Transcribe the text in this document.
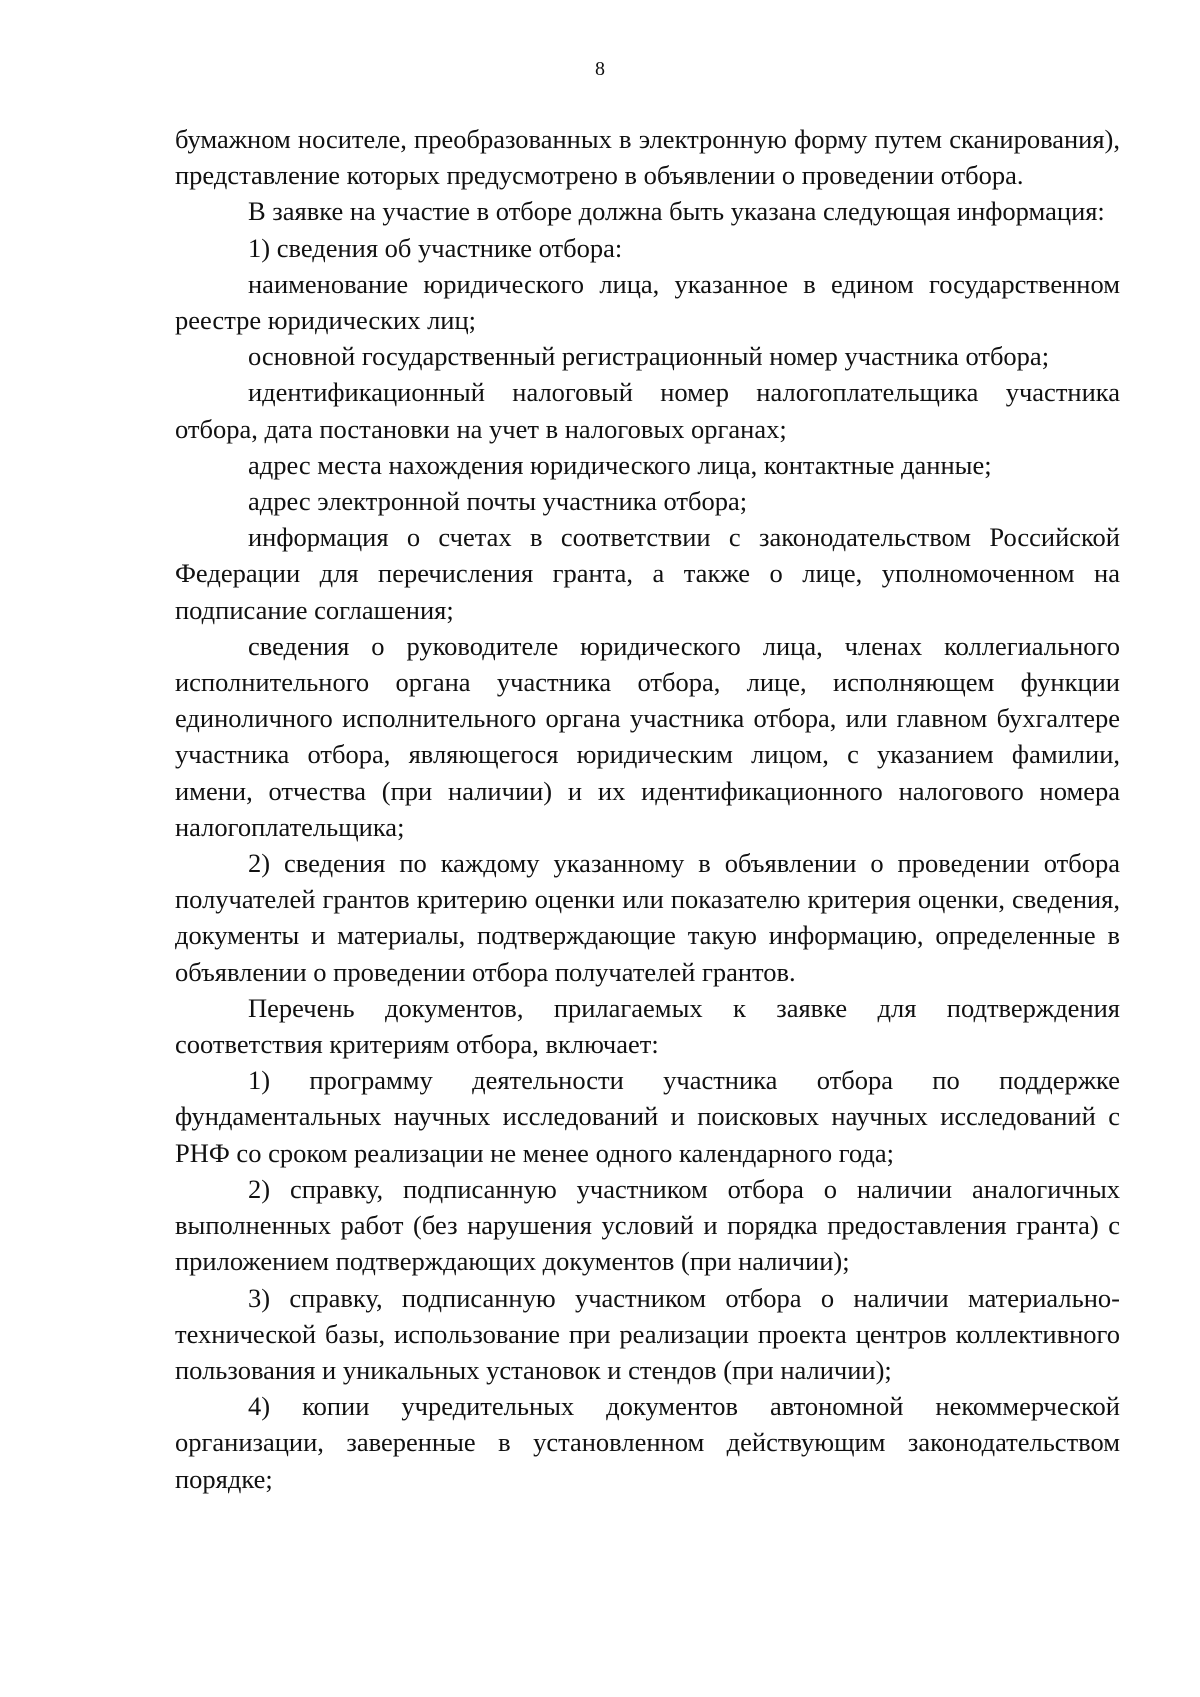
8

бумажном носителе, преобразованных в электронную форму путем сканирования), представление которых предусмотрено в объявлении о проведении отбора.

В заявке на участие в отборе должна быть указана следующая информация:

1) сведения об участнике отбора:

наименование юридического лица, указанное в едином государственном реестре юридических лиц;

основной государственный регистрационный номер участника отбора;

идентификационный налоговый номер налогоплательщика участника отбора, дата постановки на учет в налоговых органах;

адрес места нахождения юридического лица, контактные данные;

адрес электронной почты участника отбора;

информация о счетах в соответствии с законодательством Российской Федерации для перечисления гранта, а также о лице, уполномоченном на подписание соглашения;

сведения о руководителе юридического лица, членах коллегиального исполнительного органа участника отбора, лице, исполняющем функции единоличного исполнительного органа участника отбора, или главном бухгалтере участника отбора, являющегося юридическим лицом, с указанием фамилии, имени, отчества (при наличии) и их идентификационного налогового номера налогоплательщика;

2) сведения по каждому указанному в объявлении о проведении отбора получателей грантов критерию оценки или показателю критерия оценки, сведения, документы и материалы, подтверждающие такую информацию, определенные в объявлении о проведении отбора получателей грантов.

Перечень документов, прилагаемых к заявке для подтверждения соответствия критериям отбора, включает:

1) программу деятельности участника отбора по поддержке фундаментальных научных исследований и поисковых научных исследований с РНФ со сроком реализации не менее одного календарного года;

2) справку, подписанную участником отбора о наличии аналогичных выполненных работ (без нарушения условий и порядка предоставления гранта) с приложением подтверждающих документов (при наличии);

3) справку, подписанную участником отбора о наличии материально-технической базы, использование при реализации проекта центров коллективного пользования и уникальных установок и стендов (при наличии);

4) копии учредительных документов автономной некоммерческой организации, заверенные в установленном действующим законодательством порядке;
